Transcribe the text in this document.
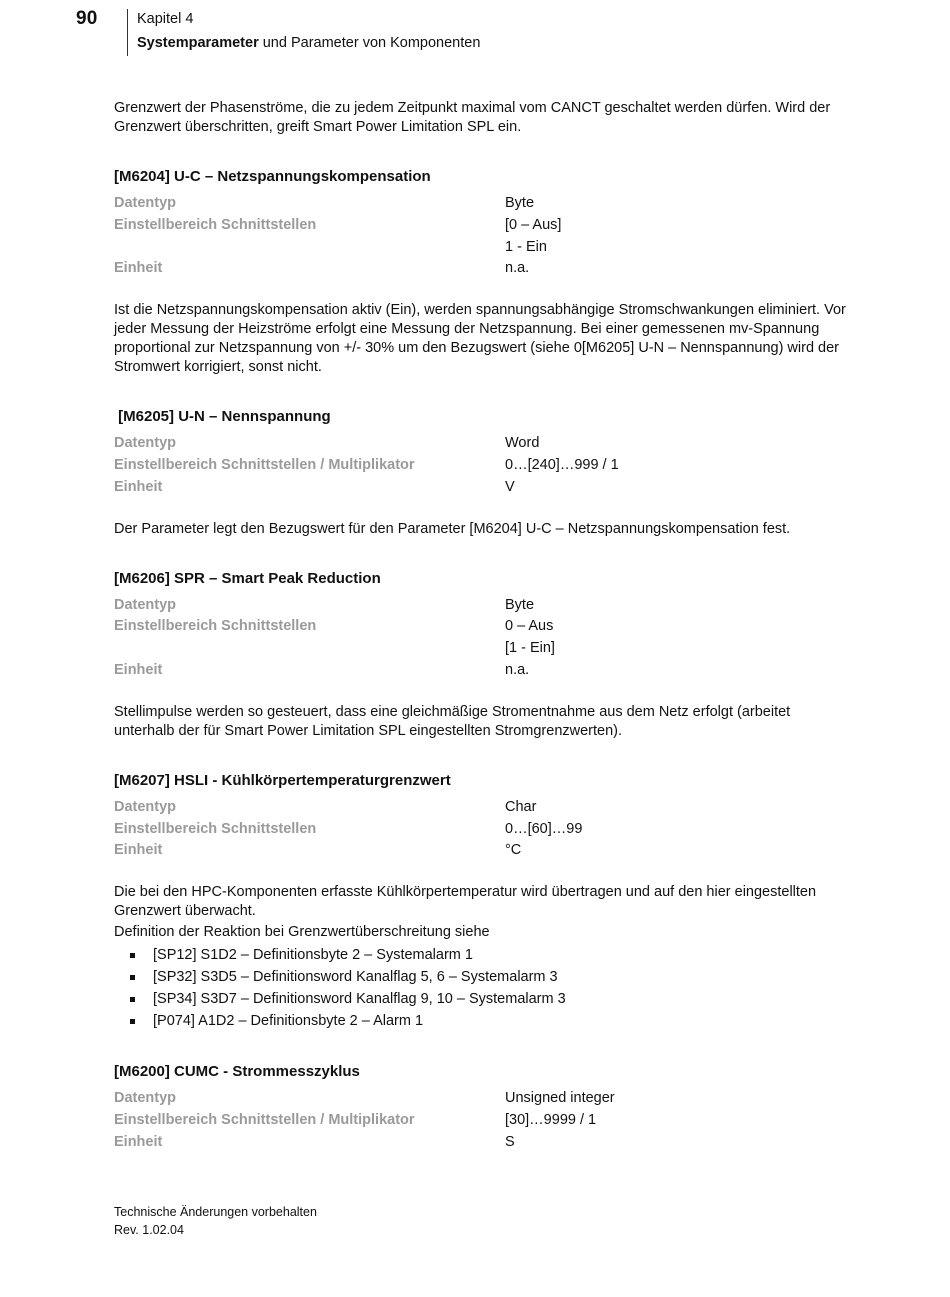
90	Kapitel 4
Systemparameter und Parameter von Komponenten

Grenzwert der Phasenströme, die zu jedem Zeitpunkt maximal vom CANCT geschaltet werden dürfen. Wird der Grenzwert überschritten, greift Smart Power Limitation SPL ein.

[M6204] U-C – Netzspannungskompensation
Datentyp	Byte
Einstellbereich Schnittstellen	[0 – Aus]
1 - Ein
Einheit	n.a.

Ist die Netzspannungskompensation aktiv (Ein), werden spannungsabhängige Stromschwankungen eliminiert. Vor jeder Messung der Heizströme erfolgt eine Messung der Netzspannung. Bei einer gemessenen mv-Spannung proportional zur Netzspannung von +/- 30% um den Bezugswert (siehe 0[M6205] U-N – Nennspannung) wird der Stromwert korrigiert, sonst nicht.

[M6205] U-N – Nennspannung
Datentyp	Word
Einstellbereich Schnittstellen / Multiplikator	0…[240]…999 / 1
Einheit	V

Der Parameter legt den Bezugswert für den Parameter [M6204] U-C – Netzspannungskompensation fest.

[M6206] SPR – Smart Peak Reduction
Datentyp	Byte
Einstellbereich Schnittstellen	0 – Aus
[1 - Ein]
Einheit	n.a.

Stellimpulse werden so gesteuert, dass eine gleichmäßige Stromentnahme aus dem Netz erfolgt (arbeitet unterhalb der für Smart Power Limitation SPL eingestellten Stromgrenzwerten).

[M6207] HSLI - Kühlkörpertemperaturgrenzwert
Datentyp	Char
Einstellbereich Schnittstellen	0…[60]…99
Einheit	°C

Die bei den HPC-Komponenten erfasste Kühlkörpertemperatur wird übertragen und auf den hier eingestellten Grenzwert überwacht.

Definition der Reaktion bei Grenzwertüberschreitung siehe

[SP12] S1D2 – Definitionsbyte 2 – Systemalarm 1
[SP32] S3D5 – Definitionsword Kanalflag 5, 6 – Systemalarm 3
[SP34] S3D7 – Definitionsword Kanalflag 9, 10 – Systemalarm 3
[P074] A1D2 – Definitionsbyte 2 – Alarm 1
[M6200] CUMC - Strommesszyklus
Datentyp	Unsigned integer
Einstellbereich Schnittstellen / Multiplikator	[30]…9999 / 1
Einheit	S
Technische Änderungen vorbehalten
Rev. 1.02.04
